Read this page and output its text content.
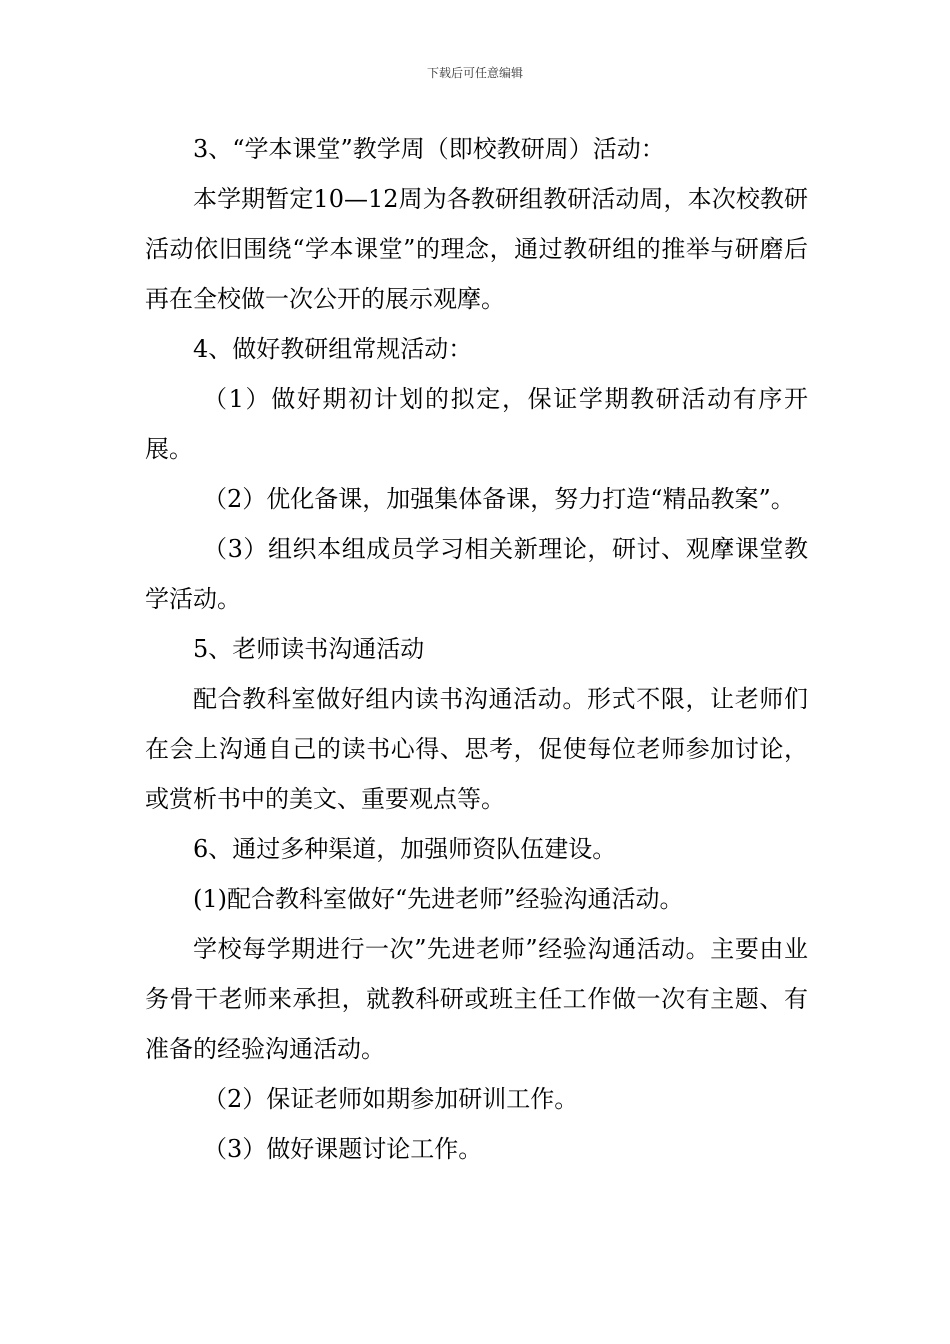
下载后可任意编辑

3、“学本课堂”教学周（即校教研周）活动：

本学期暂定10—12周为各教研组教研活动周，本次校教研活动依旧围绕“学本课堂”的理念，通过教研组的推举与研磨后再在全校做一次公开的展示观摩。

4、做好教研组常规活动：

（1）做好期初计划的拟定，保证学期教研活动有序开展。

（2）优化备课，加强集体备课，努力打造“精品教案”。

（3）组织本组成员学习相关新理论，研讨、观摩课堂教学活动。

5、老师读书沟通活动

配合教科室做好组内读书沟通活动。形式不限，让老师们在会上沟通自己的读书心得、思考，促使每位老师参加讨论，或赏析书中的美文、重要观点等。

6、通过多种渠道，加强师资队伍建设。

(1)配合教科室做好“先进老师”经验沟通活动。

学校每学期进行一次”先进老师”经验沟通活动。主要由业务骨干老师来承担，就教科研或班主任工作做一次有主题、有准备的经验沟通活动。

（2）保证老师如期参加研训工作。

（3）做好课题讨论工作。
